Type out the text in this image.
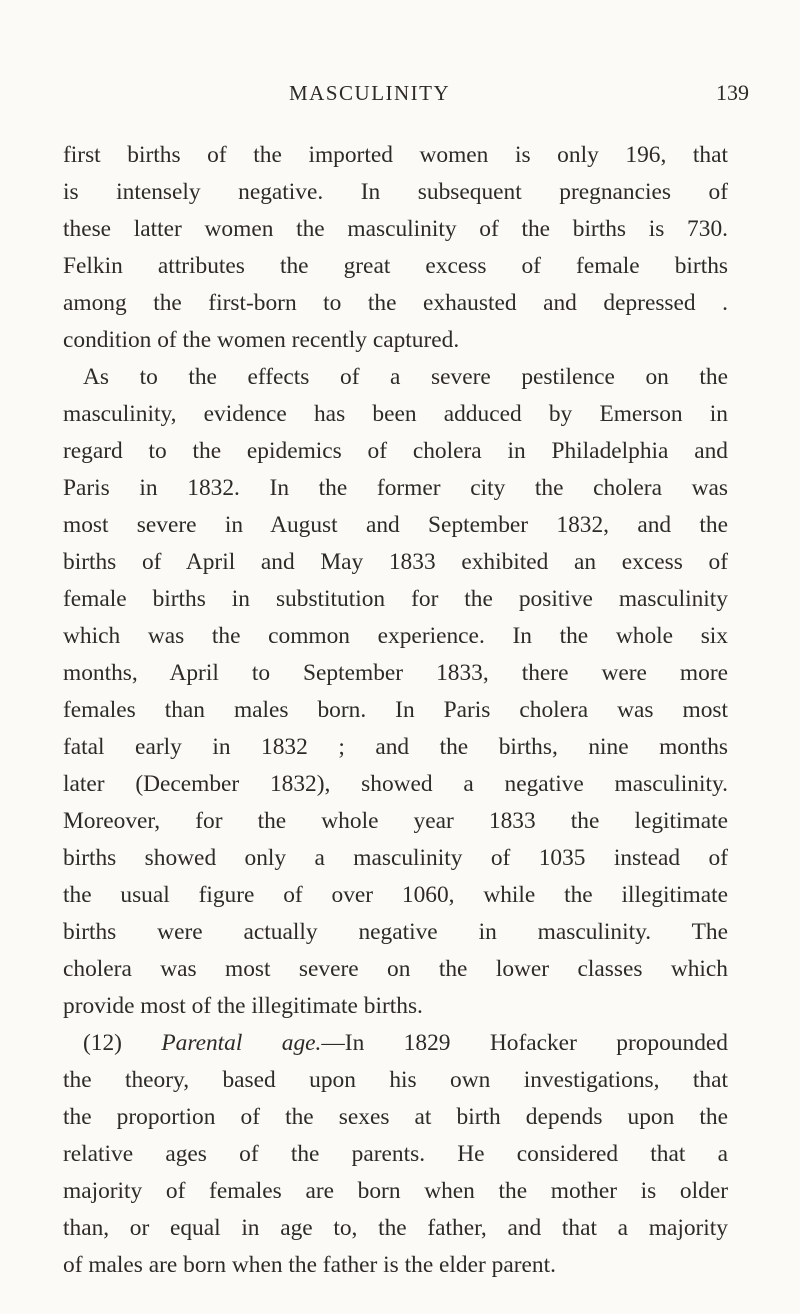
MASCULINITY	139
first births of the imported women is only 196, that
is intensely negative. In subsequent pregnancies of
these latter women the masculinity of the births is 730.
Felkin attributes the great excess of female births
among the first-born to the exhausted and depressed .
condition of the women recently captured.
As to the effects of a severe pestilence on the
masculinity, evidence has been adduced by Emerson in
regard to the epidemics of cholera in Philadelphia and
Paris in 1832. In the former city the cholera was
most severe in August and September 1832, and the
births of April and May 1833 exhibited an excess of
female births in substitution for the positive masculinity
which was the common experience. In the whole six
months, April to September 1833, there were more
females than males born. In Paris cholera was most
fatal early in 1832 ; and the births, nine months
later (December 1832), showed a negative masculinity.
Moreover, for the whole year 1833 the legitimate
births showed only a masculinity of 1035 instead of
the usual figure of over 1060, while the illegitimate
births were actually negative in masculinity. The
cholera was most severe on the lower classes which
provide most of the illegitimate births.
(12) Parental age.—In 1829 Hofacker propounded
the theory, based upon his own investigations, that
the proportion of the sexes at birth depends upon the
relative ages of the parents. He considered that a
majority of females are born when the mother is older
than, or equal in age to, the father, and that a majority
of males are born when the father is the elder parent.
